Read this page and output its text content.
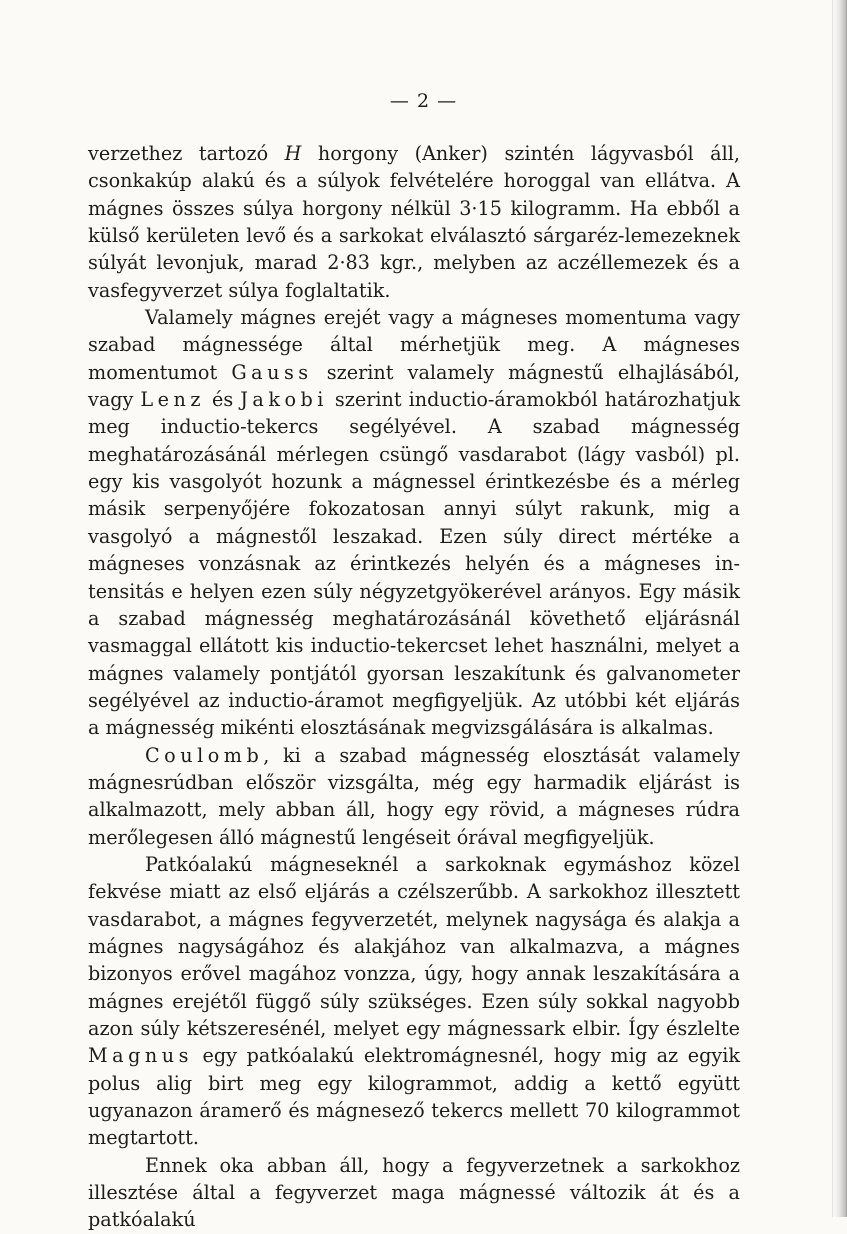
— 2 —

verzethez tartozó H horgony (Anker) szintén lágyvasból áll, csonkakúp alakú és a súlyok felvételére horoggal van ellátva. A mágnes összes súlya horgony nélkül 3·15 kilogramm. Ha ebből a külső kerületen levő és a sarkokat elválasztó sárgaréz-lemezeknek súlyát levonjuk, marad 2·83 kgr., melyben az aczéllemezek és a vasfegyverzet súlya foglaltatik.

Valamely mágnes erejét vagy a mágneses momentuma vagy szabad mágnessége által mérhetjük meg. A mágneses momentumot Gauss szerint valamely mágnestű elhajlásából, vagy Lenz és Jakobi szerint inductio-áramokból határozhatjuk meg inductio-tekercs segélyével. A szabad mágnesség meghatározásánál mérlegen csüngő vasdarabot (lágy vasból) pl. egy kis vasgolyót hozunk a mágnessel érintkezésbe és a mérleg másik serpenyőjére fokozatosan annyi súlyt rakunk, mig a vasgolyó a mágnestől leszakad. Ezen súly direct mértéke a mágneses vonzásnak az érintkezés helyén és a mágneses intensitás e helyen ezen súly négyzetgyökerével arányos. Egy másik a szabad mágnesség meghatározásánál követhető eljárásnál vasmaggal ellátott kis inductio-tekercset lehet használni, melyet a mágnes valamely pontjától gyorsan leszakítunk és galvanometer segélyével az inductio-áramot megfigyeljük. Az utóbbi két eljárás a mágnesség mikénti elosztásának megvizsgálására is alkalmas.

Coulomb, ki a szabad mágnesség elosztását valamely mágnesrúdban először vizsgálta, még egy harmadik eljárást is alkalmazott, mely abban áll, hogy egy rövid, a mágneses rúdra merőlegesen álló mágnestű lengéseit órával megfigyeljük.

Patkóalakú mágneseknél a sarkoknak egymáshoz közel fekvése miatt az első eljárás a czélszerűbb. A sarkokhoz illesztett vasdarabot, a mágnes fegyverzetét, melynek nagysága és alakja a mágnes nagyságához és alakjához van alkalmazva, a mágnes bizonyos erővel magához vonzza, úgy, hogy annak leszakítására a mágnes erejétől függő súly szükséges. Ezen súly sokkal nagyobb azon súly kétszeresénél, melyet egy mágnessark elbir. Így észlelte Magnus egy patkóalakú elektromágnesnél, hogy mig az egyik polus alig birt meg egy kilogrammot, addig a kettő együtt ugyanazon áramerő és mágnesező tekercs mellett 70 kilogrammot megtartott.

Ennek oka abban áll, hogy a fegyverzetnek a sarkokhoz illesztése által a fegyverzet maga mágnessé változik át és a patkóalakú
